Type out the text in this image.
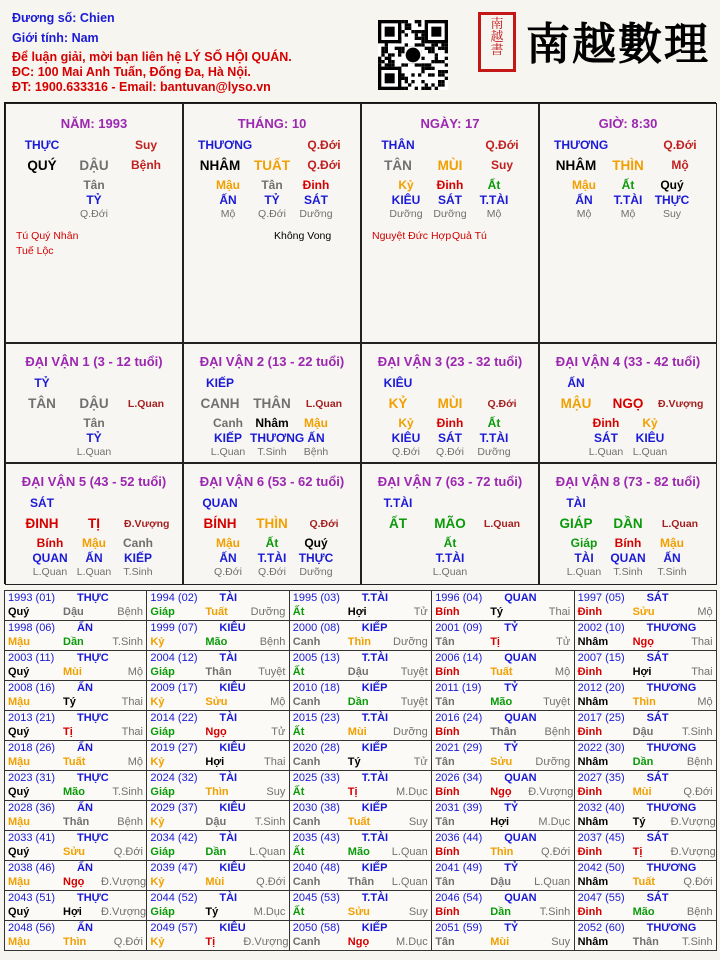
Đương số: Chien
Giới tính: Nam
Để luận giải, mời bạn liên hệ LÝ SỐ HỘI QUÁN.
ĐC: 100 Mai Anh Tuấn, Đống Đa, Hà Nội.
ĐT: 1900.633316 - Email: bantuvan@lyso.vn
南
越
書 南越數理
NĂM: 1993
THỰC	Suy
QUÝ	DẬU	Bệnh
Tân
TỶ
Q.Đới
Tú Quý Nhân
Tuế Lộc
THÁNG: 10
THƯƠNG	Q.Đới
NHÂM TUẤT	Q.Đới
Mậu
ẤN
Mộ
Tân
TỶ
Q.Đới
Đinh
SÁT
Dưỡng
Không Vong
NGÀY: 17
THÂN	Q.Đới
TÂN	MÙI	Suy
Kỷ
KIÊU
Dưỡng
Đinh
SÁT
Dưỡng
Ất
T.TÀI
Mộ
Nguyệt Đức Hợp Quả Tú
GIỜ: 8:30
THƯƠNG	Q.Đới
NHÂM	THÌN	Mộ
Mậu
ẤN
Mộ
Ất
T.TÀI
Mộ
Quý
THỰC
Suy
ĐẠI VẬN 1 (3 - 12 tuổi)
TỶ
TÂN	DẬU	L.Quan
Tân
TỶ
L.Quan
ĐẠI VẬN 2 (13 - 22 tuổi)
KIẾP
CANH THÂN	L.Quan
Canh
KIẾP
L.Quan
Nhâm
THƯƠNG
T.Sinh
Mậu
ẤN
Bệnh
ĐẠI VẬN 3 (23 - 32 tuổi)
KIÊU
KỶ	MÙI	Q.Đới
Kỷ
KIÊU
Q.Đới
Đinh
SÁT
Q.Đới
Ất
T.TÀI
Dưỡng
ĐẠI VẬN 4 (33 - 42 tuổi)
ẤN
MẬU	NGỌ	Đ.Vượng
Đinh
SÁT
L.Quan
Kỷ
KIÊU
L.Quan
ĐẠI VẬN 5 (43 - 52 tuổi)
SÁT
ĐINH	TỊ	Đ.Vượng
Bính
QUAN
L.Quan
Mậu
ẤN
L.Quan
Canh
KIẾP
T.Sinh
ĐẠI VẬN 6 (53 - 62 tuổi)
QUAN
BÍNH	THÌN	Q.Đới
Mậu
ẤN
Q.Đới
Ất
T.TÀI
Q.Đới
Quý
THỰC
Dưỡng
ĐẠI VẬN 7 (63 - 72 tuổi)
T.TÀI
ẤT	MÃO	L.Quan
Ất
T.TÀI
L.Quan
ĐẠI VẬN 8 (73 - 82 tuổi)
TÀI
GIÁP	DẦN	L.Quan
Giáp
TÀI
L.Quan
Bính
QUAN
T.Sinh
Mậu
ẤN
T.Sinh
1993 (01) THỰC
Quý	Dậu	Bệnh
1994 (02) TÀI
Giáp	Tuất	Dưỡng
1995 (03) T.TÀI
Ất	Hợi	Tử
1996 (04) QUAN
Bính	Tý	Thai
1997 (05) SÁT
Đinh	Sửu	Mộ
1998 (06) ẤN
Mậu	Dần	T.Sinh
1999 (07) KIÊU
Kỷ	Mão	Bệnh
2000 (08) KIẾP
Canh	Thìn	Dưỡng
2001 (09) TỶ
Tân	Tị	Tử
2002 (10) THƯƠNG
Nhâm Ngọ	Thai
2003 (11) THỰC
Quý	Mùi	Mộ
2004 (12) TÀI
Giáp	Thân	Tuyệt
2005 (13) T.TÀI
Ất	Dậu	Tuyệt
2006 (14) QUAN
Bính	Tuất	Mộ
2007 (15) SÁT
Đinh	Hợi	Thai
2008 (16) ẤN
Mậu	Tý	Thai
2009 (17) KIÊU
Kỷ	Sửu	Mộ
2010 (18) KIẾP
Canh	Dần	Tuyệt
2011 (19) TỶ
Tân	Mão	Tuyệt
2012 (20) THƯƠNG
Nhâm Thìn	Mộ
2013 (21) THỰC
Quý	Tị	Thai
2014 (22) TÀI
Giáp	Ngọ	Tử
2015 (23) T.TÀI
Ất	Mùi	Dưỡng
2016 (24) QUAN
Bính	Thân	Bệnh
2017 (25) SÁT
Đinh	Dậu	T.Sinh
2018 (26) ẤN
Mậu	Tuất	Mộ
2019 (27) KIÊU
Kỷ	Hợi	Thai
2020 (28) KIẾP
Canh	Tý	Tử
2021 (29) TỶ
Tân	Sửu	Dưỡng
2022 (30) THƯƠNG
Nhâm Dần	Bệnh
2023 (31) THỰC
Quý	Mão	T.Sinh
2024 (32) TÀI
Giáp	Thìn	Suy
2025 (33) T.TÀI
Ất	Tị	M.Dục
2026 (34) QUAN
Bính	Ngọ Đ.Vượng
2027 (35) SÁT
Đinh	Mùi	Q.Đới
2028 (36) ẤN
Mậu	Thân	Bệnh
2029 (37) KIÊU
Kỷ	Dậu	T.Sinh
2030 (38) KIẾP
Canh	Tuất	Suy
2031 (39) TỶ
Tân	Hợi	M.Dục
2032 (40) THƯƠNG
Nhâm Tý Đ.Vượng
2033 (41) THỰC
Quý	Sửu	Q.Đới
2034 (42) TÀI
Giáp	Dần	L.Quan
2035 (43) T.TÀI
Ất	Mão	L.Quan
2036 (44) QUAN
Bính	Thìn	Q.Đới
2037 (45) SÁT
Đinh	Tị	Đ.Vượng
2038 (46) ẤN
Mậu	Ngọ Đ.Vượng
2039 (47) KIÊU
Kỷ	Mùi	Q.Đới
2040 (48) KIẾP
Canh	Thân	L.Quan
2041 (49) TỶ
Tân	Dậu	L.Quan
2042 (50) THƯƠNG
Nhâm Tuất	Q.Đới
2043 (51) THỰC
Quý	Hợi Đ.Vượng
2044 (52) TÀI
Giáp	Tý	M.Dục
2045 (53) T.TÀI
Ất	Sửu	Suy
2046 (54) QUAN
Bính	Dần	T.Sinh
2047 (55) SÁT
Đinh	Mão	Bệnh
2048 (56) ẤN
Mậu	Thìn	Q.Đới
2049 (57) KIÊU
Kỷ	Tị	Đ.Vượng
2050 (58) KIẾP
Canh	Ngọ	M.Dục
2051 (59) TỶ
Tân	Mùi	Suy
2052 (60) THƯƠNG
Nhâm Thân	T.Sinh
